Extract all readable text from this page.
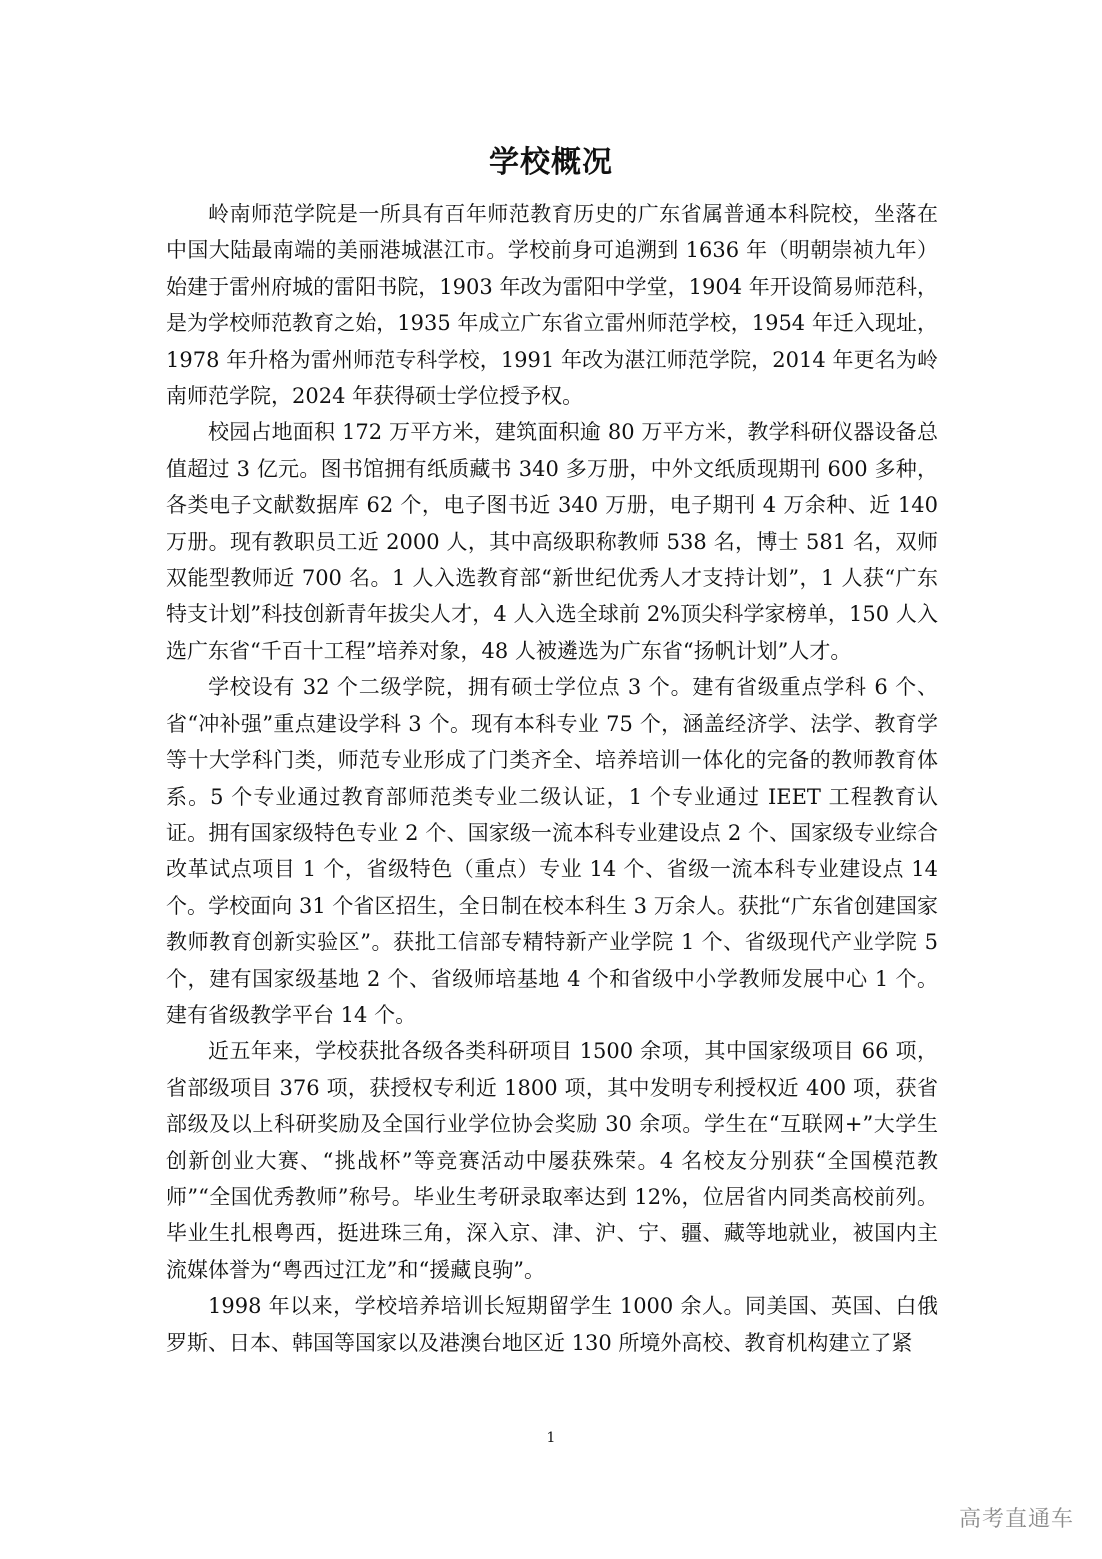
学校概况

岭南师范学院是一所具有百年师范教育历史的广东省属普通本科院校，坐落在中国大陆最南端的美丽港城湛江市。学校前身可追溯到 1636 年（明朝崇祯九年）始建于雷州府城的雷阳书院，1903 年改为雷阳中学堂，1904 年开设简易师范科，是为学校师范教育之始，1935 年成立广东省立雷州师范学校，1954 年迁入现址，1978 年升格为雷州师范专科学校，1991 年改为湛江师范学院，2014 年更名为岭南师范学院，2024 年获得硕士学位授予权。

校园占地面积 172 万平方米，建筑面积逾 80 万平方米，教学科研仪器设备总值超过 3 亿元。图书馆拥有纸质藏书 340 多万册，中外文纸质现期刊 600 多种，各类电子文献数据库 62 个，电子图书近 340 万册，电子期刊 4 万余种、近 140 万册。现有教职员工近 2000 人，其中高级职称教师 538 名，博士 581 名，双师双能型教师近 700 名。1 人入选教育部“新世纪优秀人才支持计划”，1 人获“广东特支计划”科技创新青年拔尖人才，4 人入选全球前 2%顶尖科学家榜单，150 人入选广东省“千百十工程”培养对象，48 人被遴选为广东省“扬帆计划”人才。

学校设有 32 个二级学院，拥有硕士学位点 3 个。建有省级重点学科 6 个、省“冲补强”重点建设学科 3 个。现有本科专业 75 个，涵盖经济学、法学、教育学等十大学科门类，师范专业形成了门类齐全、培养培训一体化的完备的教师教育体系。5 个专业通过教育部师范类专业二级认证，1 个专业通过 IEET 工程教育认证。拥有国家级特色专业 2 个、国家级一流本科专业建设点 2 个、国家级专业综合改革试点项目 1 个，省级特色（重点）专业 14 个、省级一流本科专业建设点 14 个。学校面向 31 个省区招生，全日制在校本科生 3 万余人。获批“广东省创建国家教师教育创新实验区”。获批工信部专精特新产业学院 1 个、省级现代产业学院 5 个，建有国家级基地 2 个、省级师培基地 4 个和省级中小学教师发展中心 1 个。建有省级教学平台 14 个。

近五年来，学校获批各级各类科研项目 1500 余项，其中国家级项目 66 项，省部级项目 376 项，获授权专利近 1800 项，其中发明专利授权近 400 项，获省部级及以上科研奖励及全国行业学位协会奖励 30 余项。学生在“互联网+”大学生创新创业大赛、“挑战杯”等竞赛活动中屡获殊荣。4 名校友分别获“全国模范教师”“全国优秀教师”称号。毕业生考研录取率达到 12%，位居省内同类高校前列。毕业生扎根粤西，挺进珠三角，深入京、津、沪、宁、疆、藏等地就业，被国内主流媒体誉为“粤西过江龙”和“援藏良驹”。

1998 年以来，学校培养培训长短期留学生 1000 余人。同美国、英国、白俄罗斯、日本、韩国等国家以及港澳台地区近 130 所境外高校、教育机构建立了紧

1
高考直通车
